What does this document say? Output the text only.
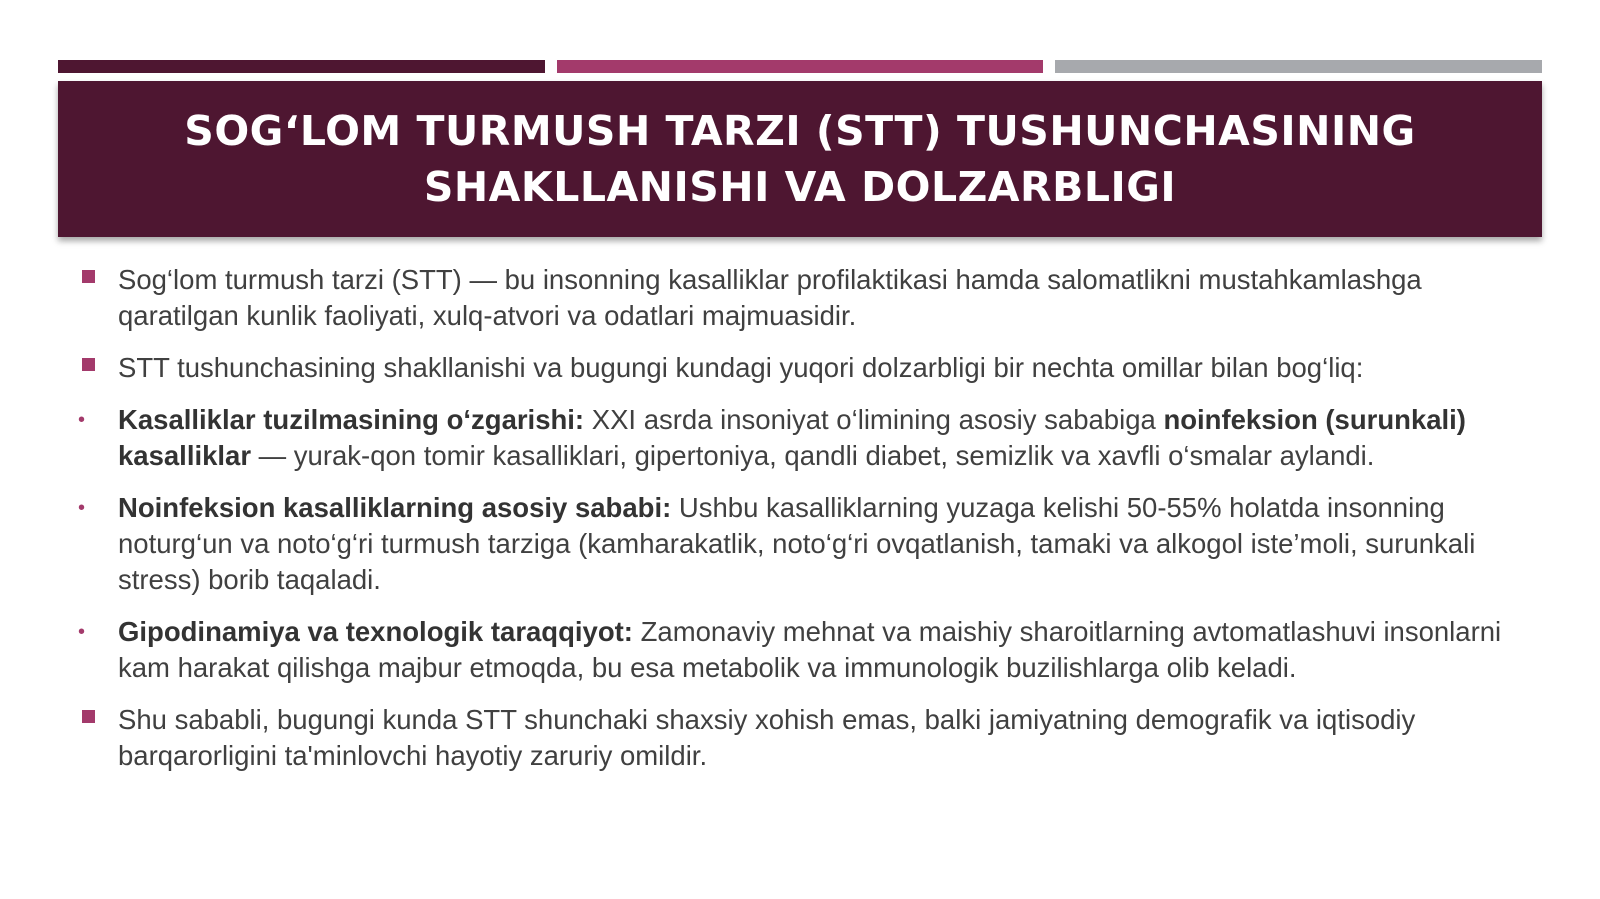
SOG‘LOM TURMUSH TARZI (STT) TUSHUNCHASINING
SHAKLLANISHI VA DOLZARBLIGI
Sog‘lom turmush tarzi (STT) — bu insonning kasalliklar profilaktikasi hamda salomatlikni mustahkamlashga qaratilgan kunlik faoliyati, xulq-atvori va odatlari majmuasidir.
STT tushunchasining shakllanishi va bugungi kundagi yuqori dolzarbligi bir nechta omillar bilan bog‘liq:
• Kasalliklar tuzilmasining o‘zgarishi: XXI asrda insoniyat o‘limining asosiy sababiga noinfeksion (surunkali) kasalliklar — yurak-qon tomir kasalliklari, gipertoniya, qandli diabet, semizlik va xavfli o‘smalar aylandi.
• Noinfeksion kasalliklarning asosiy sababi: Ushbu kasalliklarning yuzaga kelishi 50-55% holatda insonning noturg‘un va noto‘g‘ri turmush tarziga (kamharakatlik, noto‘g‘ri ovqatlanish, tamaki va alkogol iste’moli, surunkali stress) borib taqaladi.
• Gipodinamiya va texnologik taraqqiyot: Zamonaviy mehnat va maishiy sharoitlarning avtomatlashuvi insonlarni kam harakat qilishga majbur etmoqda, bu esa metabolik va immunologik buzilishlarga olib keladi.
Shu sababli, bugungi kunda STT shunchaki shaxsiy xohish emas, balki jamiyatning demografik va iqtisodiy barqarorligini ta'minlovchi hayotiy zaruriy omildir.
